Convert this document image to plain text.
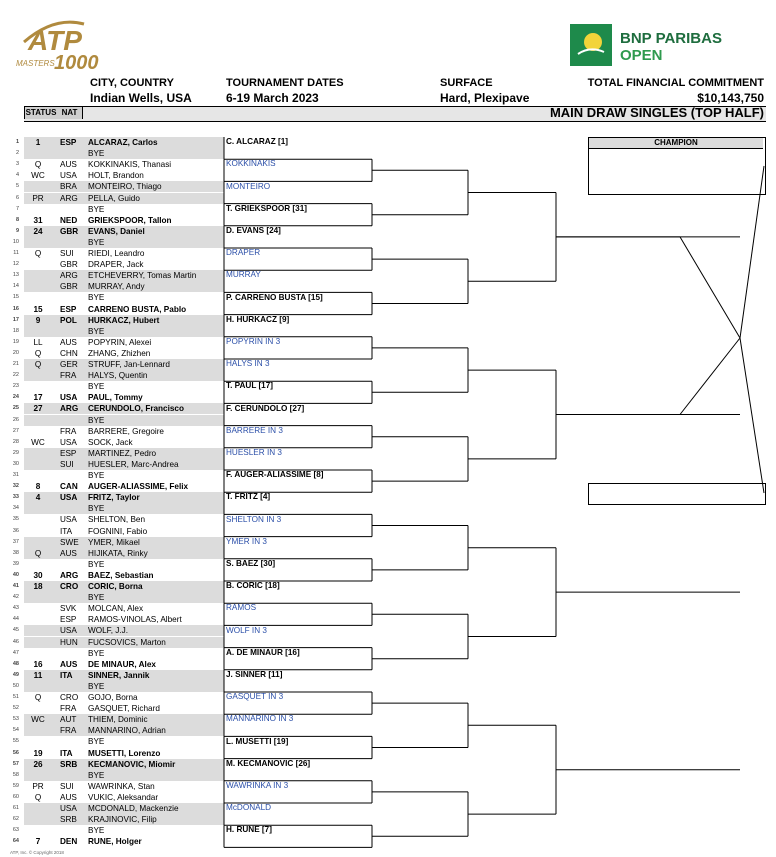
ATP
MASTERS 1000
BNP PARIBAS
OPEN
CITY, COUNTRY
Indian Wells, USA
TOURNAMENT DATES
6-19 March 2023
SURFACE
Hard, Plexipave
TOTAL FINANCIAL COMMITMENT
$10,143,750
STATUS NAT	MAIN DRAW SINGLES (TOP HALF)
1	1	ESP ALCARAZ, Carlos
2	BYE
3	Q	AUS KOKKINAKIS, Thanasi
4	WC	USA HOLT, Brandon
5	BRA MONTEIRO, Thiago
6	PR	ARG PELLA, Guido
7	BYE
8	31	NED GRIEKSPOOR, Tallon
9	24	GBR EVANS, Daniel
10	BYE
11	Q	SUI RIEDI, Leandro
12	GBR DRAPER, Jack
13	ARG ETCHEVERRY, Tomas Martin
14	GBR MURRAY, Andy
15	BYE
16	15	ESP CARRENO BUSTA, Pablo
17	9	POL HURKACZ, Hubert
18	BYE
19	LL	AUS POPYRIN, Alexei
20	Q	CHN ZHANG, Zhizhen
21	Q	GER STRUFF, Jan-Lennard
22	FRA HALYS, Quentin
23	BYE
24	17	USA PAUL, Tommy
25	27	ARG CERUNDOLO, Francisco
26	BYE
27	FRA BARRERE, Gregoire
28	WC	USA SOCK, Jack
29	ESP MARTINEZ, Pedro
30	SUI HUESLER, Marc-Andrea
31	BYE
32	8	CAN AUGER-ALIASSIME, Felix
33	4	USA FRITZ, Taylor
34	BYE
35	USA SHELTON, Ben
36	ITA FOGNINI, Fabio
37	SWE YMER, Mikael
38	Q	AUS HIJIKATA, Rinky
39	BYE
40	30	ARG BAEZ, Sebastian
41	18	CRO CORIC, Borna
42	BYE
43	SVK MOLCAN, Alex
44	ESP RAMOS-VINOLAS, Albert
45	USA WOLF, J.J.
46	HUN FUCSOVICS, Marton
47	BYE
48	16	AUS DE MINAUR, Alex
49	11	ITA SINNER, Jannik
50	BYE
51	Q	CRO GOJO, Borna
52	FRA GASQUET, Richard
53	WC	AUT THIEM, Dominic
54	FRA MANNARINO, Adrian
55	BYE
56	19	ITA MUSETTI, Lorenzo
57	26	SRB KECMANOVIC, Miomir
58	BYE
59	PR	SUI WAWRINKA, Stan
60	Q	AUS VUKIC, Aleksandar
61	USA MCDONALD, Mackenzie
62	SRB KRAJINOVIC, Filip
63	BYE
64	7	DEN RUNE, Holger
C. ALCARAZ [1]
KOKKINAKIS
MONTEIRO
T. GRIEKSPOOR [31]
D. EVANS [24]
DRAPER
MURRAY
P. CARRENO BUSTA [15]
H. HURKACZ [9]
POPYRIN IN 3
HALYS IN 3
T. PAUL [17]
F. CERUNDOLO [27]
BARRERE IN 3
HUESLER IN 3
F. AUGER-ALIASSIME [8]
T. FRITZ [4]
SHELTON IN 3
YMER IN 3
S. BAEZ [30]
B. CORIC [18]
RAMOS
WOLF IN 3
A. DE MINAUR [16]
J. SINNER [11]
GASQUET IN 3
MANNARINO IN 3
L. MUSETTI [19]
M. KECMANOVIC [26]
WAWRINKA IN 3
McDONALD
H. RUNE [7]
CHAMPION
ATP, Inc. © Copyright 2018
